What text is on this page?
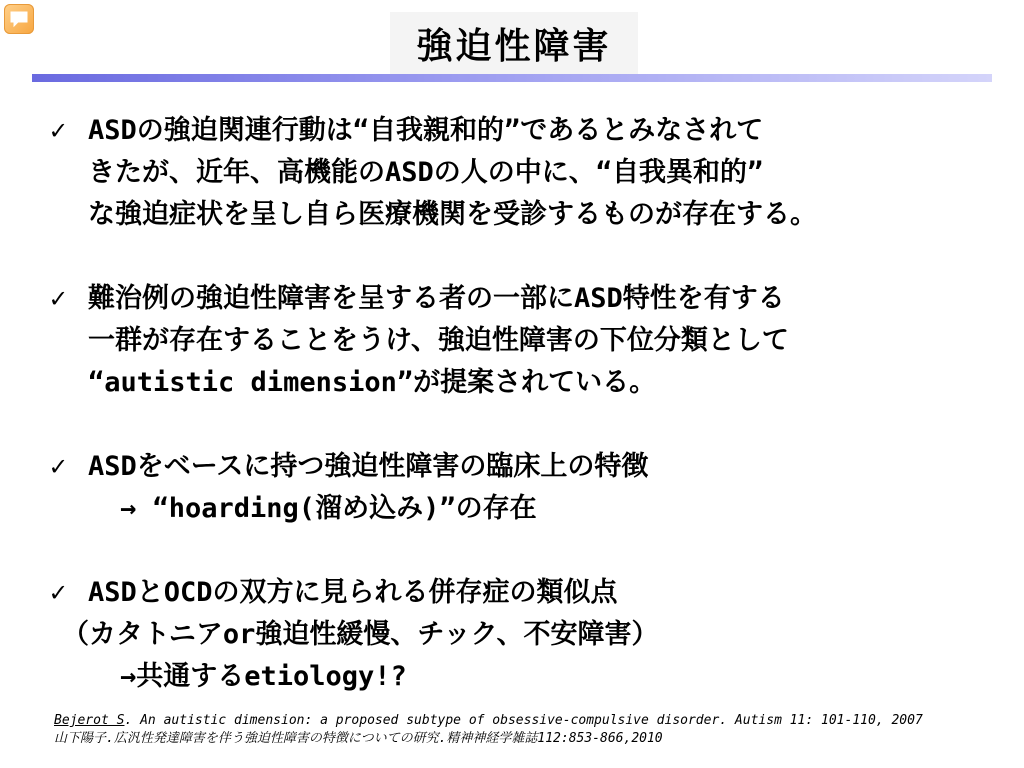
強迫性障害
✓ ASDの強迫関連行動は“自我親和的”であるとみなされて
きたが、近年、高機能のASDの人の中に、“自我異和的”
な強迫症状を呈し自ら医療機関を受診するものが存在する。
✓ 難治例の強迫性障害を呈する者の一部にASD特性を有する
一群が存在することをうけ、強迫性障害の下位分類として
“autistic dimension”が提案されている。
✓ ASDをベースに持つ強迫性障害の臨床上の特徴
→ “hoarding(溜め込み)”の存在
✓ ASDとOCDの双方に見られる併存症の類似点
（カタトニアor強迫性緩慢、チック、不安障害）
→共通するetiology!?
Bejerot S. An autistic dimension: a proposed subtype of obsessive-compulsive disorder. Autism 11: 101-110, 2007
山下陽子.広汎性発達障害を伴う強迫性障害の特徴についての研究.精神神経学雑誌112:853-866,2010
